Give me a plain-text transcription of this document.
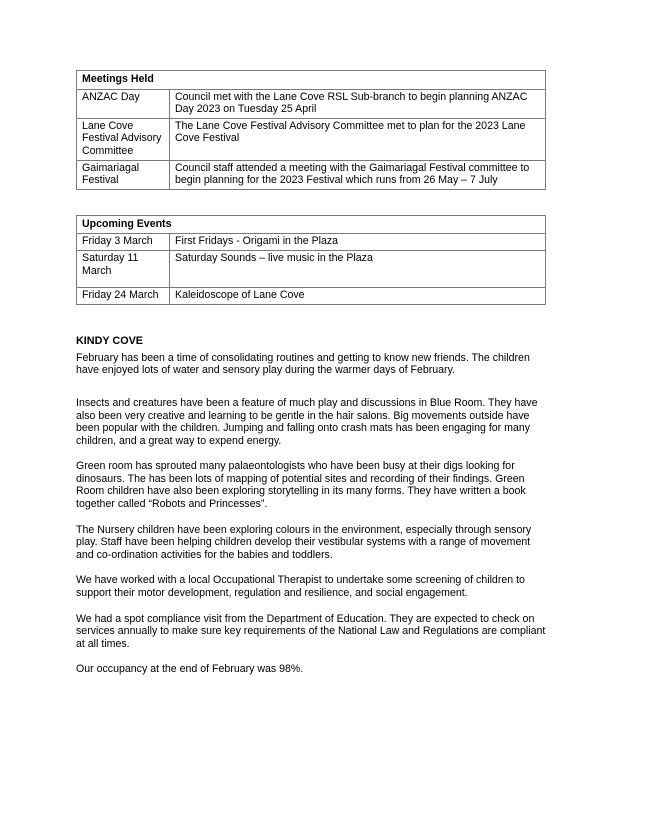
Meetings Held	
ANZAC Day	Council met with the Lane Cove RSL Sub-branch to begin planning ANZAC Day 2023 on Tuesday 25 April
Lane Cove Festival Advisory Committee	The Lane Cove Festival Advisory Committee met to plan for the 2023 Lane Cove Festival
Gaimariagal Festival	Council staff attended a meeting with the Gaimariagal Festival committee to begin planning for the 2023 Festival which runs from 26 May – 7 July
Upcoming Events	
Friday 3 March	First Fridays - Origami in the Plaza
Saturday 11 March	Saturday Sounds – live music in the Plaza
Friday 24 March	Kaleidoscope of Lane Cove
KINDY COVE

February has been a time of consolidating routines and getting to know new friends. The children have enjoyed lots of water and sensory play during the warmer days of February.

Insects and creatures have been a feature of much play and discussions in Blue Room. They have also been very creative and learning to be gentle in the hair salons. Big movements outside have been popular with the children. Jumping and falling onto crash mats has been engaging for many children, and a great way to expend energy.

Green room has sprouted many palaeontologists who have been busy at their digs looking for dinosaurs. The has been lots of mapping of potential sites and recording of their findings. Green Room children have also been exploring storytelling in its many forms. They have written a book together called “Robots and Princesses”.

The Nursery children have been exploring colours in the environment, especially through sensory play. Staff have been helping children develop their vestibular systems with a range of movement and co-ordination activities for the babies and toddlers.

We have worked with a local Occupational Therapist to undertake some screening of children to support their motor development, regulation and resilience, and social engagement.

We had a spot compliance visit from the Department of Education. They are expected to check on services annually to make sure key requirements of the National Law and Regulations are compliant at all times.

Our occupancy at the end of February was 98%.
